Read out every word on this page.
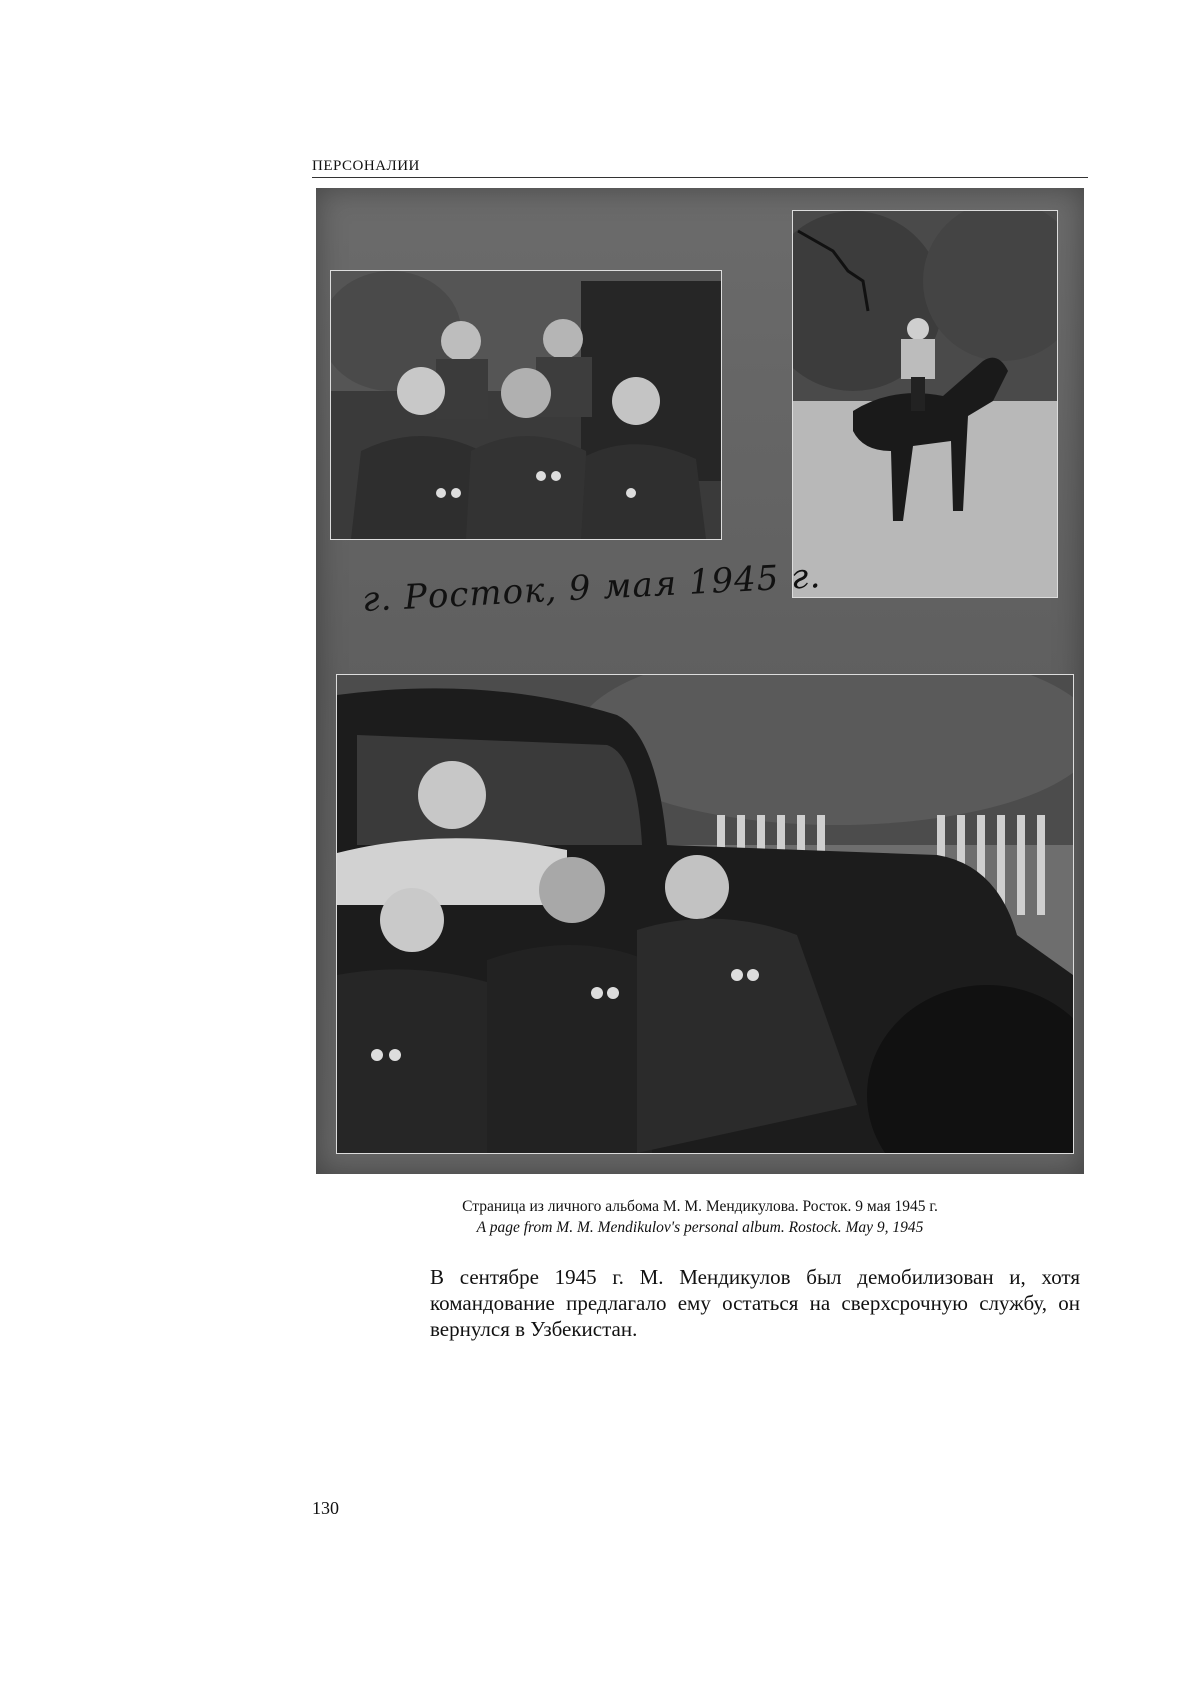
ПЕРСОНАЛИИ
г. Росток, 9 мая 1945 г.
Страница из личного альбома М. М. Мендикулова. Росток. 9 мая 1945 г.
A page from M. M. Mendikulov's personal album. Rostock. May 9, 1945
В сентябре 1945 г. М. Мендикулов был демобилизован и, хотя командование предлагало ему остаться на сверхсрочную службу, он вернулся в Узбекистан.
130
